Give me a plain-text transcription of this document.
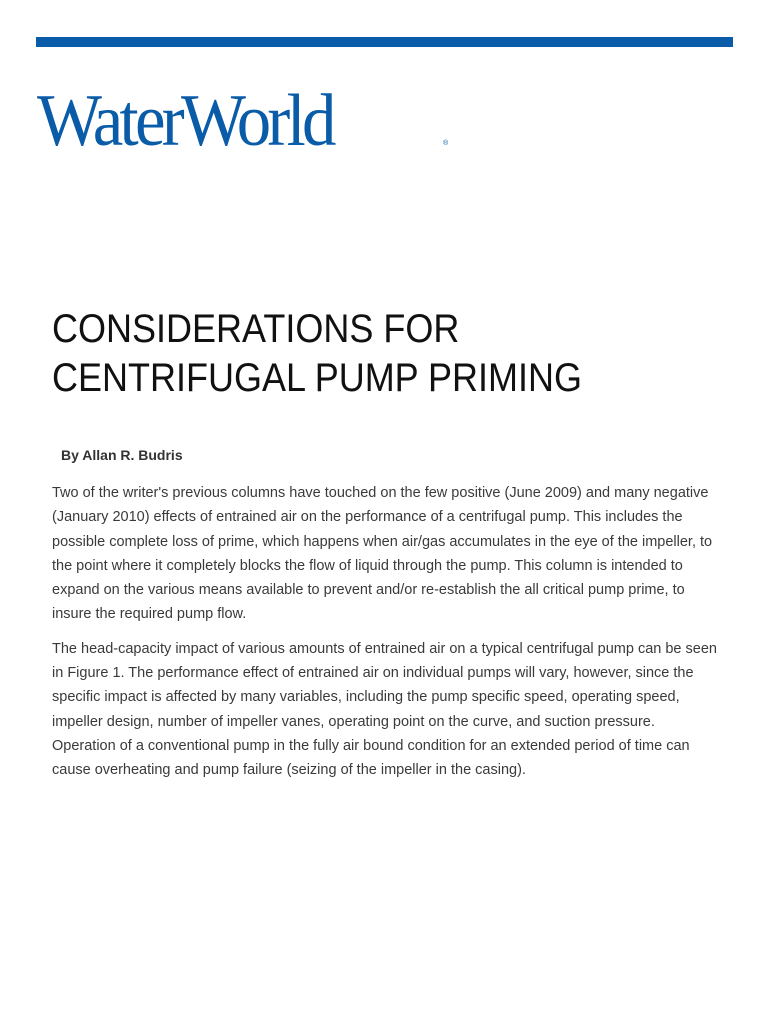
WaterWorld	®
CONSIDERATIONS FOR
CENTRIFUGAL PUMP PRIMING

By Allan R. Budris

Two of the writer's previous columns have touched on the few positive (June 2009) and many negative (January 2010) effects of entrained air on the performance of a centrifugal pump. This includes the possible complete loss of prime, which happens when air/gas accumulates in the eye of the impeller, to the point where it completely blocks the flow of liquid through the pump. This column is intended to expand on the various means available to prevent and/or re-establish the all critical pump prime, to insure the required pump flow.

The head-capacity impact of various amounts of entrained air on a typical centrifugal pump can be seen in Figure 1. The performance effect of entrained air on individual pumps will vary, however, since the specific impact is affected by many variables, including the pump specific speed, operating speed, impeller design, number of impeller vanes, operating point on the curve, and suction pressure. Operation of a conventional pump in the fully air bound condition for an extended period of time can cause overheating and pump failure (seizing of the impeller in the casing).
